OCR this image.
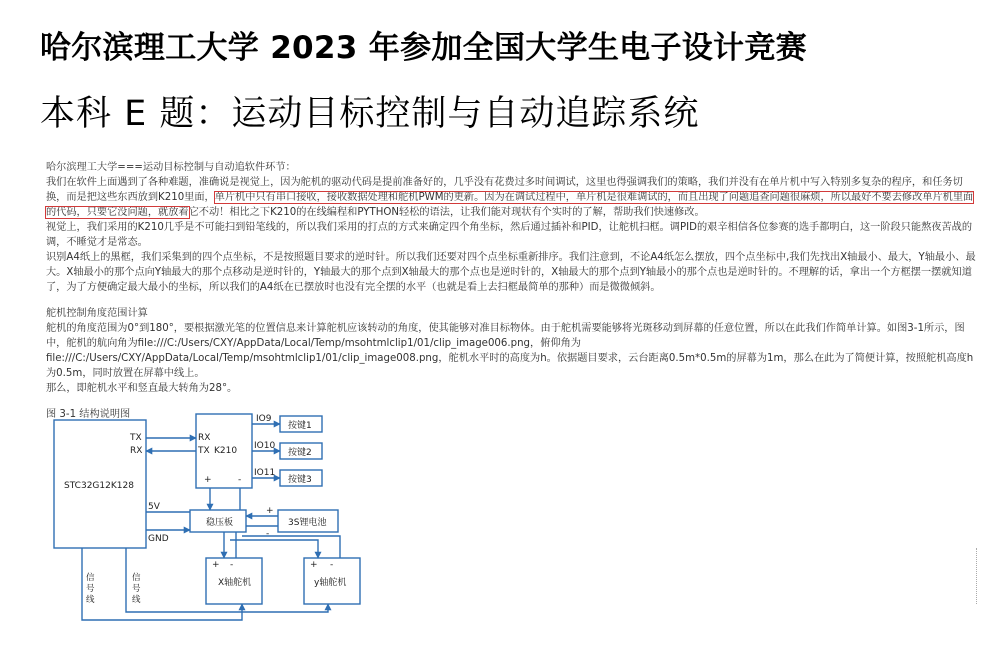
哈尔滨理工大学 2023 年参加全国大学生电子设计竞赛
本科 E 题：运动目标控制与自动追踪系统

哈尔滨理工大学===运动目标控制与自动追软件环节：

我们在软件上面遇到了各种难题，准确说是视觉上，因为舵机的驱动代码是提前准备好的，几乎没有花费过多时间调试，这里也得强调我们的策略，我们并没有在单片机中写入特别多复杂的程序，和任务切换，而是把这些东西放到K210里面，单片机中只有串口接收，接收数据处理和舵机PWM的更新。因为在调试过程中，单片机是很难调试的，而且出现了问题追查问题很麻烦，所以最好不要去修改单片机里面的代码，只要它没问题，就放着它不动！相比之下K210的在线编程和PYTHON轻松的语法，让我们能对现状有个实时的了解，帮助我们快速修改。

视觉上，我们采用的K210几乎是不可能扫到铅笔线的，所以我们采用的打点的方式来确定四个角坐标，然后通过插补和PID，让舵机扫框。调PID的艰辛相信各位参赛的选手都明白，这一阶段只能熬夜苦战的调，不睡觉才是常态。

识别A4纸上的黑框，我们采集到的四个点坐标，不是按照题目要求的逆时针。所以我们还要对四个点坐标重新排序。我们注意到，不论A4纸怎么摆放，四个点坐标中,我们先找出X轴最小、最大，Y轴最小、最大。X轴最小的那个点向Y轴最大的那个点移动是逆时针的，Y轴最大的那个点到X轴最大的那个点也是逆时针的，X轴最大的那个点到Y轴最小的那个点也是逆时针的。不理解的话，拿出一个方框摆一摆就知道了，为了方便确定最大最小的坐标，所以我们的A4纸在已摆放时也没有完全摆的水平（也就是看上去扫框最简单的那种）而是微微倾斜。

舵机控制角度范围计算

舵机的角度范围为0°到180°，要根据激光笔的位置信息来计算舵机应该转动的角度，使其能够对准目标物体。由于舵机需要能够将光斑移动到屏幕的任意位置，所以在此我们作简单计算。如图3-1所示，图中，舵机的航向角为file:///C:/Users/CXY/AppData/Local/Temp/msohtmlclip1/01/clip_image006.png，俯仰角为file:///C:/Users/CXY/AppData/Local/Temp/msohtmlclip1/01/clip_image008.png，舵机水平时的高度为h。依据题目要求，云台距离0.5m*0.5m的屏幕为1m，那么在此为了简便计算，按照舵机高度h为0.5m，同时放置在屏幕中线上。

那么，即舵机水平和竖直最大转角为28°。

图 3-1 结构说明图

STC32G12K128
TX
RX
5V
GND
RX
TX K210
+	-
IO9
IO10
IO11
按键1
按键2
按键3
稳压板	3S锂电池
+
-
+ -	+ -
X轴舵机	y轴舵机
信号线
信号线
